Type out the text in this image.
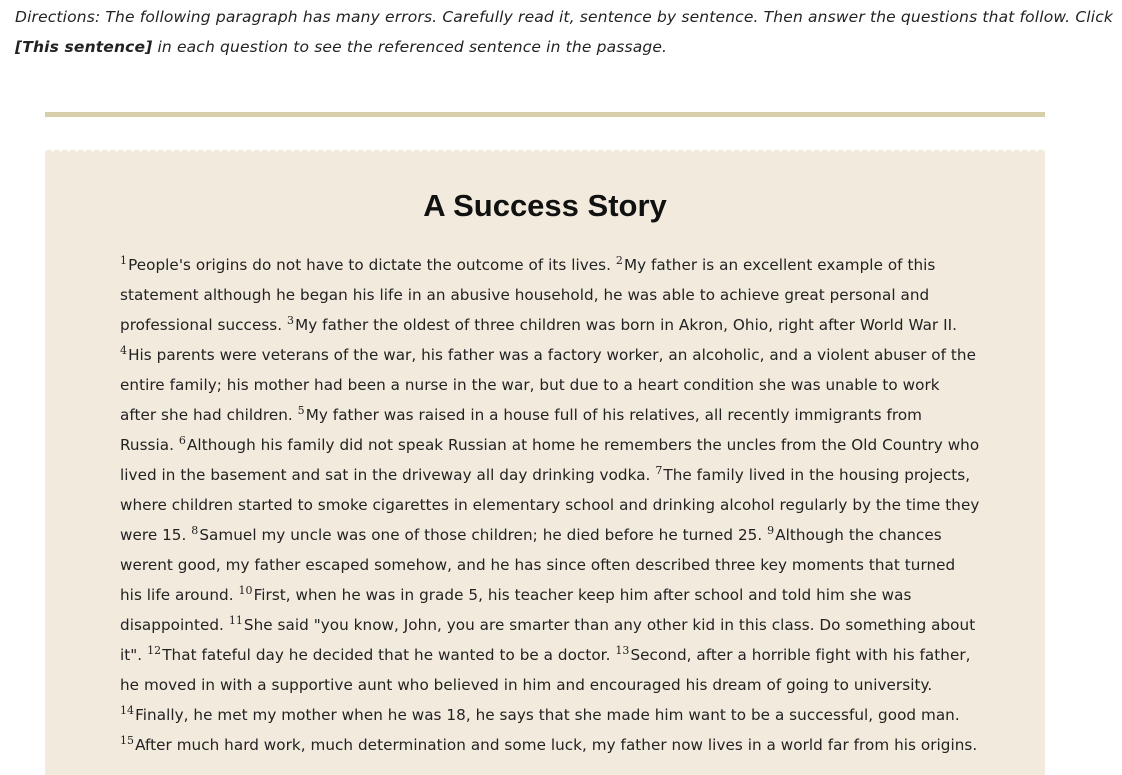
Directions: The following paragraph has many errors. Carefully read it, sentence by sentence. Then answer the questions that follow. Click [This sentence] in each question to see the referenced sentence in the passage.
A Success Story
$^1$People's origins do not have to dictate the outcome of its lives. $^2$My father is an excellent example of this statement although he began his life in an abusive household, he was able to achieve great personal and professional success. $^3$My father the oldest of three children was born in Akron, Ohio, right after World War II. $^4$His parents were veterans of the war, his father was a factory worker, an alcoholic, and a violent abuser of the entire family; his mother had been a nurse in the war, but due to a heart condition she was unable to work after she had children. $^5$My father was raised in a house full of his relatives, all recently immigrants from Russia. $^6$Although his family did not speak Russian at home he remembers the uncles from the Old Country who lived in the basement and sat in the driveway all day drinking vodka. $^7$The family lived in the housing projects, where children started to smoke cigarettes in elementary school and drinking alcohol regularly by the time they were 15. $^8$Samuel my uncle was one of those children; he died before he turned 25. $^9$Although the chances werent good, my father escaped somehow, and he has since often described three key moments that turned his life around. $^{10}$First, when he was in grade 5, his teacher keep him after school and told him she was disappointed. $^{11}$She said "you know, John, you are smarter than any other kid in this class. Do something about it". $^{12}$That fateful day he decided that he wanted to be a doctor. $^{13}$Second, after a horrible fight with his father, he moved in with a supportive aunt who believed in him and encouraged his dream of going to university. $^{14}$Finally, he met my mother when he was 18, he says that she made him want to be a successful, good man. $^{15}$After much hard work, much determination and some luck, my father now lives in a world far from his origins.
